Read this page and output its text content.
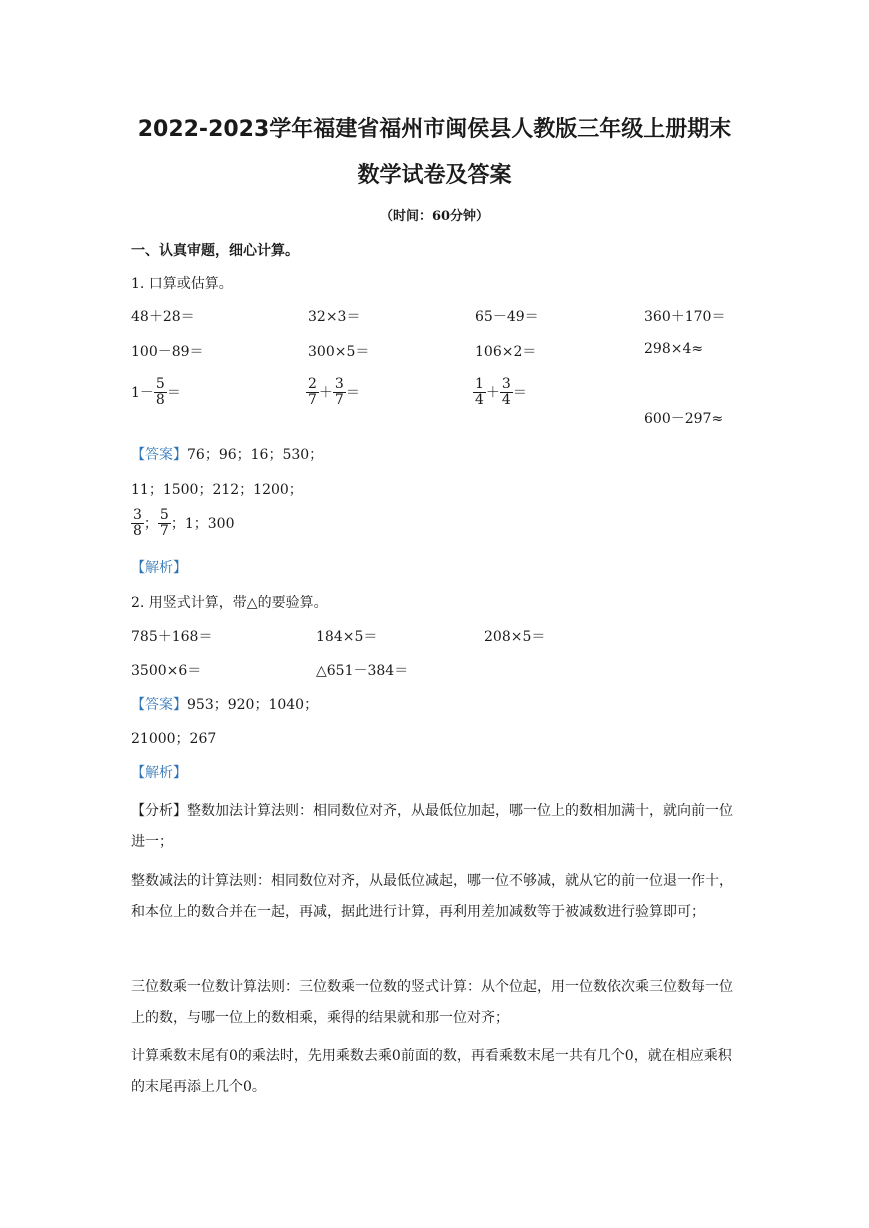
2022-2023学年福建省福州市闽侯县人教版三年级上册期末
数学试卷及答案
（时间：60分钟）
一、认真审题，细心计算。
1. 口算或估算。
48＋28＝	32×3＝	65－49＝	360＋170＝
100－89＝	300×5＝	106×2＝	298×4≈
$1- \frac{5}{8}$ ＝	$\frac{2}{7} + \frac{3}{7}$ ＝	$\frac{1}{4} + \frac{3}{4}$ ＝
600－297≈
【答案】76；96；16；530；
11；1500；212；1200；
$\frac{3}{8}$ ； $\frac{5}{7}$ ；1；300
【解析】
2. 用竖式计算，带△的要验算。
785＋168＝	184×5＝	208×5＝
3500×6＝	△651－384＝
【答案】953；920；1040；
21000；267
【解析】
【分析】整数加法计算法则：相同数位对齐，从最低位加起，哪一位上的数相加满十，就向前一位进一；
整数减法的计算法则：相同数位对齐，从最低位减起，哪一位不够减，就从它的前一位退一作十，和本位上的数合并在一起，再减，据此进行计算，再利用差加减数等于被减数进行验算即可；
三位数乘一位数计算法则：三位数乘一位数的竖式计算：从个位起，用一位数依次乘三位数每一位上的数，与哪一位上的数相乘，乘得的结果就和那一位对齐；
计算乘数末尾有0的乘法时，先用乘数去乘0前面的数，再看乘数末尾一共有几个0，就在相应乘积的末尾再添上几个0。
